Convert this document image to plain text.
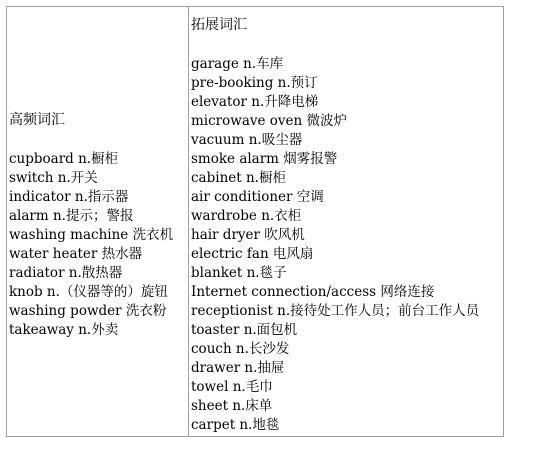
高频词汇
cupboard n.橱柜
switch n.开关
indicator n.指示器
alarm n.提示；警报
washing machine 洗衣机
water heater 热水器
radiator n.散热器
knob n.（仪器等的）旋钮
washing powder 洗衣粉
takeaway n.外卖
拓展词汇
garage n.车库
pre-booking n.预订
elevator n.升降电梯
microwave oven 微波炉
vacuum n.吸尘器
smoke alarm 烟雾报警
cabinet n.橱柜
air conditioner 空调
wardrobe n.衣柜
hair dryer 吹风机
electric fan 电风扇
blanket n.毯子
Internet connection/access 网络连接
receptionist n.接待处工作人员；前台工作人员
toaster n.面包机
couch n.长沙发
drawer n.抽屉
towel n.毛巾
sheet n.床单
carpet n.地毯
